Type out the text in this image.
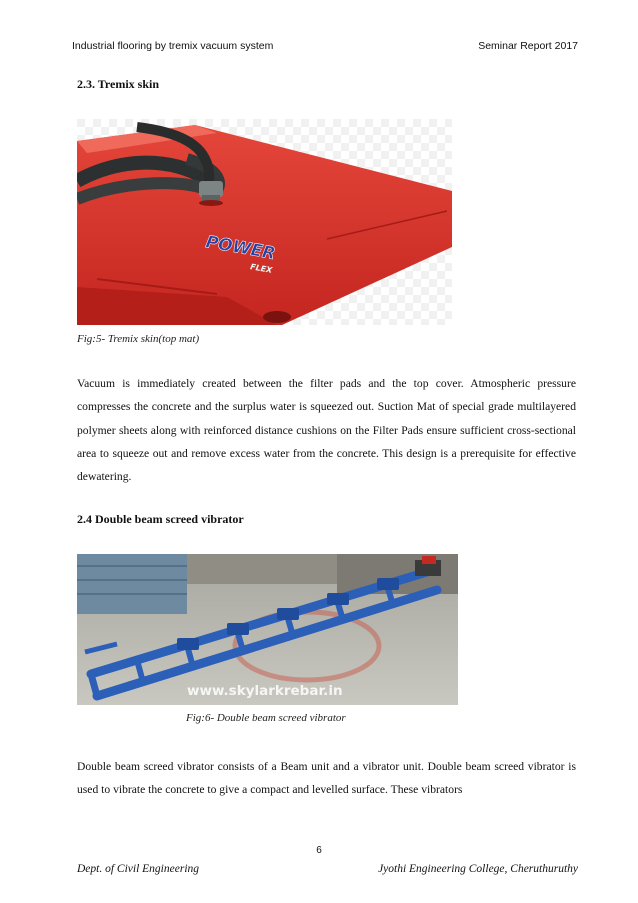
Industrial flooring by tremix vacuum system	Seminar Report 2017
2.3. Tremix skin
POWER
FLEX
Fig:5- Tremix skin(top mat)
Vacuum is immediately created between the filter pads and the top cover. Atmospheric pressure compresses the concrete and the surplus water is squeezed out. Suction Mat of special grade multilayered polymer sheets along with reinforced distance cushions on the Filter Pads ensure sufficient cross-sectional area to squeeze out and remove excess water from the concrete. This design is a prerequisite for effective dewatering.
2.4 Double beam screed vibrator
www.skylarkrebar.in
Fig:6- Double beam screed vibrator
Double beam screed vibrator consists of a Beam unit and a vibrator unit. Double beam screed vibrator is used to vibrate the concrete to give a compact and levelled surface. These vibrators
6
Dept. of Civil Engineering	Jyothi Engineering College, Cheruthuruthy
